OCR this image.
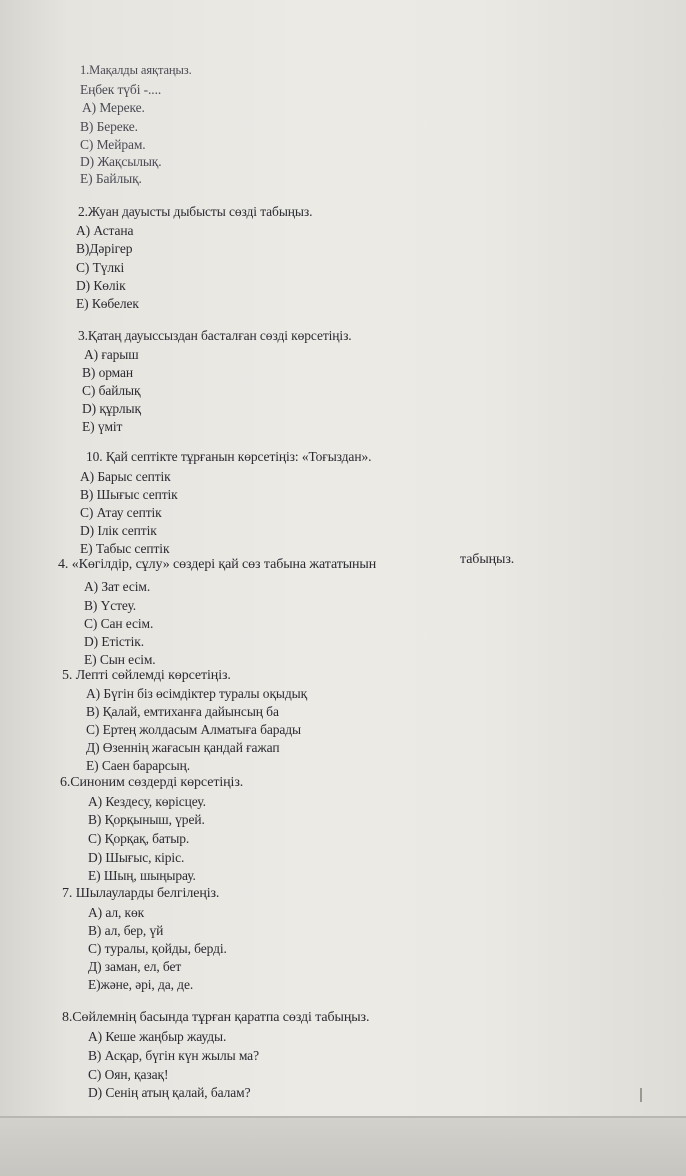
1.Мақалды аяқтаңыз.
Еңбек түбі -....
А) Мереке.
В) Береке.
С) Мейрам.
D) Жақсылық.
Е) Байлық.
2.Жуан дауысты дыбысты сөзді табыңыз.
А) Астана
В)Дәрігер
С) Түлкі
D) Көлік
Е) Көбелек
3.Қатаң дауыссыздан басталған сөзді көрсетіңіз.
А) ғарыш
В) орман
С) байлық
D) құрлық
Е) үміт
10. Қай септікте тұрғанын көрсетіңіз: «Тоғыздан».
А) Барыс септік
В) Шығыс септік
С) Атау септік
D) Ілік септік
Е) Табыс септік
4. «Көгілдір, сұлу» сөздері қай сөз табына жататынын	табыңыз.
А) Зат есім.
В) Үстеу.
С) Сан есім.
D) Етістік.
Е) Сын есім.
5. Лепті сөйлемді көрсетіңіз.
А) Бүгін біз өсімдіктер туралы оқыдық
В) Қалай, емтиханға дайынсың ба
С) Ертең жолдасым Алматыға барады
Д) Өзеннің жағасын қандай ғажап
Е) Саен барарсың.
6.Синоним сөздерді көрсетіңіз.
А) Кездесу, көрісцеу.
В) Қорқыныш, үрей.
С) Қорқақ, батыр.
D) Шығыс, кіріс.
Е) Шың, шыңырау.
7. Шылауларды белгілеңіз.
А) ал, көк
В) ал, бер, үй
С) туралы, қойды, берді.
Д) заман, ел, бет
Е)және, әрі, да, де.
8.Сөйлемнің басында тұрған қаратпа сөзді табыңыз.
А) Кеше жаңбыр жауды.
В) Асқар, бүгін күн жылы ма?
С) Оян, қазақ!
D) Сенің атың қалай, балам?
